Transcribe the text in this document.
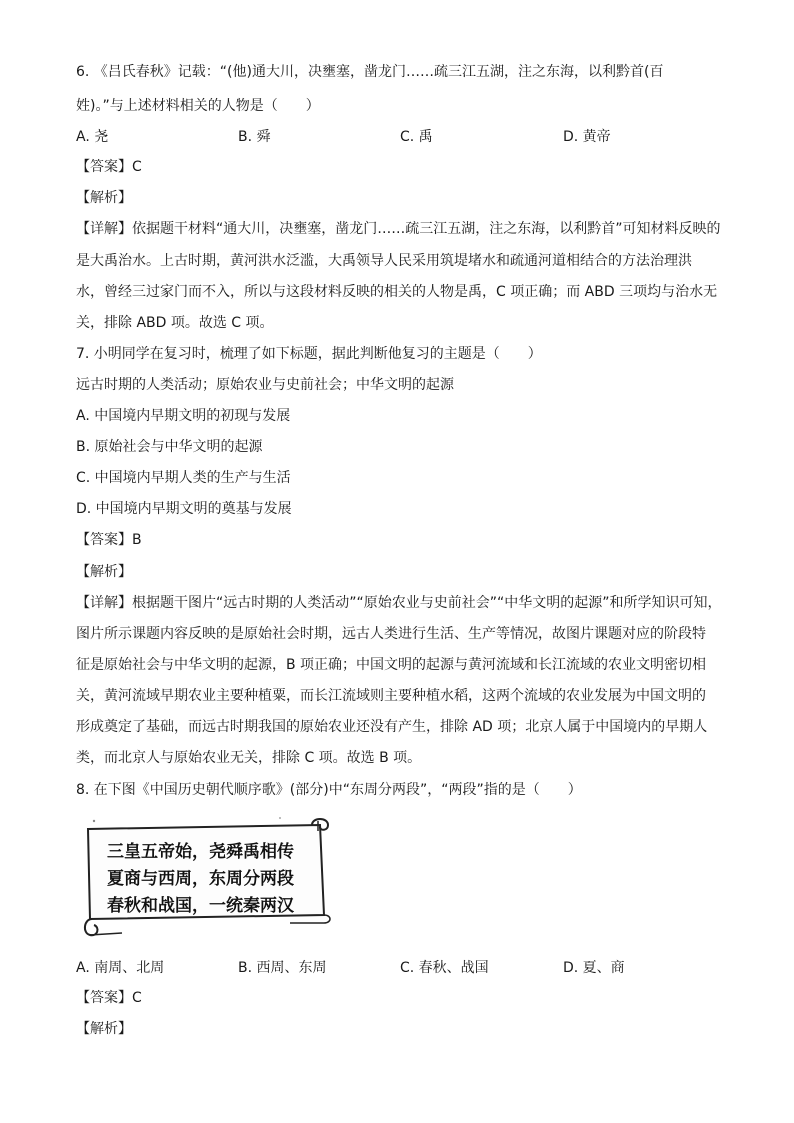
6. 《吕氏春秋》记载：“(他)通大川，决壅塞，凿龙门……疏三江五湖，注之东海，以利黔首(百
姓)。”与上述材料相关的人物是（　　）
A. 尧	B. 舜	C. 禹	D. 黄帝
【答案】C
【解析】
【详解】依据题干材料“通大川，决壅塞，凿龙门……疏三江五湖，注之东海，以利黔首”可知材料反映的
是大禹治水。上古时期，黄河洪水泛滥，大禹领导人民采用筑堤堵水和疏通河道相结合的方法治理洪
水，曾经三过家门而不入，所以与这段材料反映的相关的人物是禹，C 项正确；而 ABD 三项均与治水无
关，排除 ABD 项。故选 C 项。
7. 小明同学在复习时，梳理了如下标题，据此判断他复习的主题是（　　）
远古时期的人类活动；原始农业与史前社会；中华文明的起源
A. 中国境内早期文明的初现与发展
B. 原始社会与中华文明的起源
C. 中国境内早期人类的生产与生活
D. 中国境内早期文明的奠基与发展
【答案】B
【解析】
【详解】根据题干图片“远古时期的人类活动”“原始农业与史前社会”“中华文明的起源”和所学知识可知，
图片所示课题内容反映的是原始社会时期，远古人类进行生活、生产等情况，故图片课题对应的阶段特
征是原始社会与中华文明的起源，B 项正确；中国文明的起源与黄河流域和长江流域的农业文明密切相
关，黄河流域早期农业主要种植粟，而长江流域则主要种植水稻，这两个流域的农业发展为中国文明的
形成奠定了基础，而远古时期我国的原始农业还没有产生，排除 AD 项；北京人属于中国境内的早期人
类，而北京人与原始农业无关，排除 C 项。故选 B 项。
8. 在下图《中国历史朝代顺序歌》(部分)中“东周分两段”，“两段”指的是（　　）
三皇五帝始，尧舜禹相传
夏商与西周，东周分两段
春秋和战国，一统秦两汉
A. 南周、北周	B. 西周、东周	C. 春秋、战国	D. 夏、商
【答案】C
【解析】
